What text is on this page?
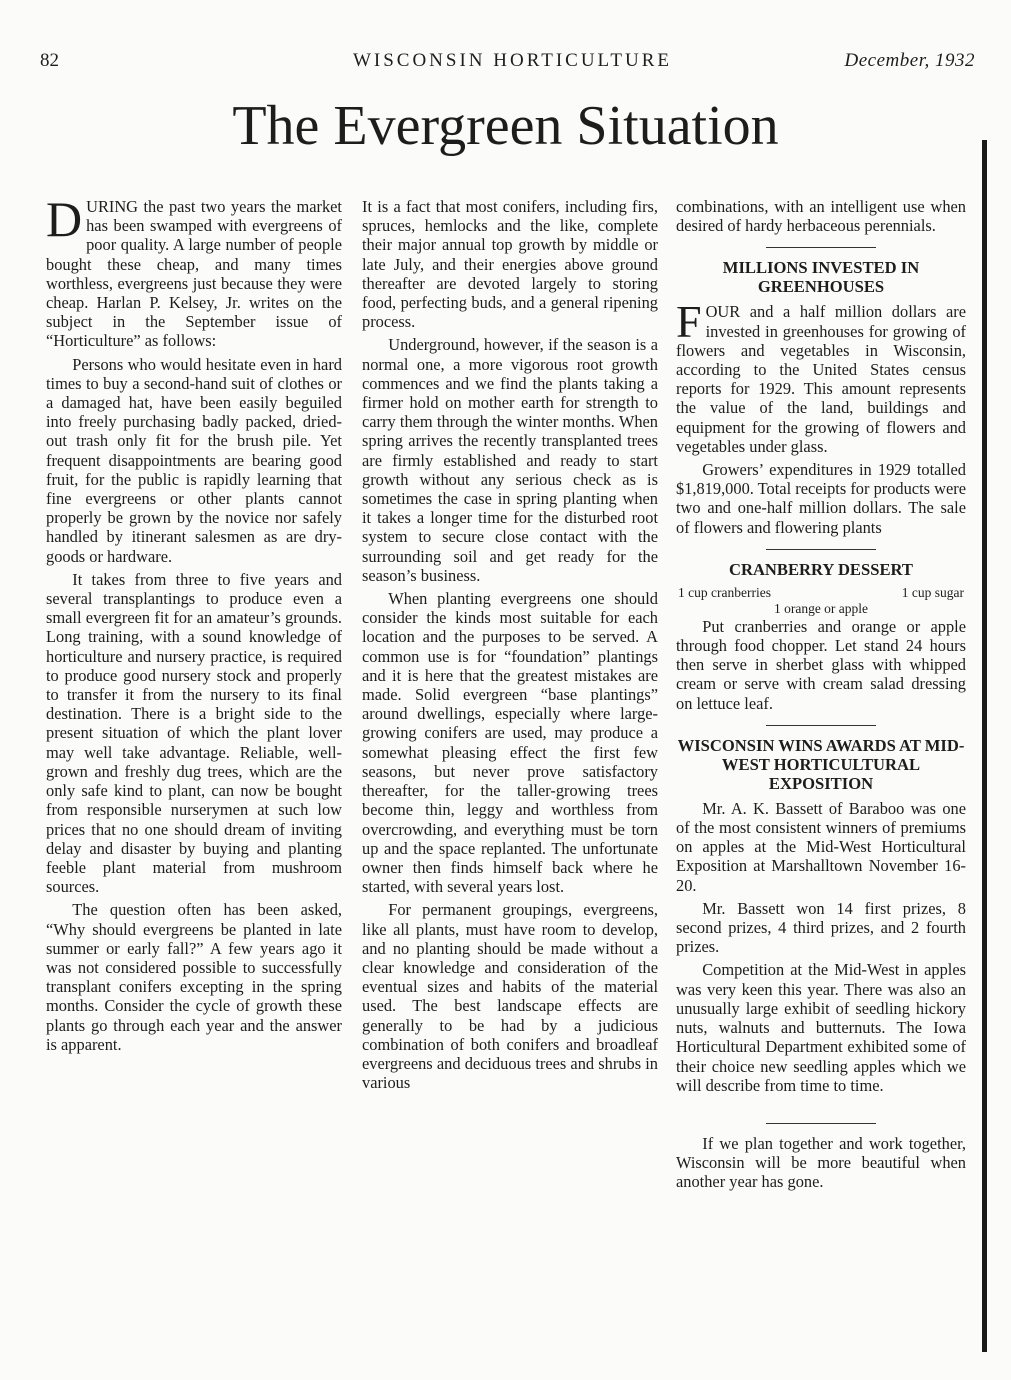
82	WISCONSIN HORTICULTURE	December, 1932
The Evergreen Situation

DURING the past two years the market has been swamped with evergreens of poor quality. A large number of people bought these cheap, and many times worthless, evergreens just because they were cheap. Harlan P. Kelsey, Jr. writes on the subject in the September issue of “Horticulture” as follows:

Persons who would hesitate even in hard times to buy a second-hand suit of clothes or a damaged hat, have been easily beguiled into freely purchasing badly packed, dried-out trash only fit for the brush pile. Yet frequent disappointments are bearing good fruit, for the public is rapidly learning that fine evergreens or other plants cannot properly be grown by the novice nor safely handled by itinerant salesmen as are dry-goods or hardware.

It takes from three to five years and several transplantings to produce even a small evergreen fit for an amateur’s grounds. Long training, with a sound knowledge of horticulture and nursery practice, is required to produce good nursery stock and properly to transfer it from the nursery to its final destination. There is a bright side to the present situation of which the plant lover may well take advantage. Reliable, well-grown and freshly dug trees, which are the only safe kind to plant, can now be bought from responsible nurserymen at such low prices that no one should dream of inviting delay and disaster by buying and planting feeble plant material from mushroom sources.

The question often has been asked, “Why should evergreens be planted in late summer or early fall?” A few years ago it was not considered possible to successfully transplant conifers excepting in the spring months. Consider the cycle of growth these plants go through each year and the answer is apparent.

It is a fact that most conifers, including firs, spruces, hemlocks and the like, complete their major annual top growth by middle or late July, and their energies above ground thereafter are devoted largely to storing food, perfecting buds, and a general ripening process.

Underground, however, if the season is a normal one, a more vigorous root growth commences and we find the plants taking a firmer hold on mother earth for strength to carry them through the winter months. When spring arrives the recently transplanted trees are firmly established and ready to start growth without any serious check as is sometimes the case in spring planting when it takes a longer time for the disturbed root system to secure close contact with the surrounding soil and get ready for the season’s business.

When planting evergreens one should consider the kinds most suitable for each location and the purposes to be served. A common use is for “foundation” plantings and it is here that the greatest mistakes are made. Solid evergreen “base plantings” around dwellings, especially where large-growing conifers are used, may produce a somewhat pleasing effect the first few seasons, but never prove satisfactory thereafter, for the taller-growing trees become thin, leggy and worthless from overcrowding, and everything must be torn up and the space replanted. The unfortunate owner then finds himself back where he started, with several years lost.

For permanent groupings, evergreens, like all plants, must have room to develop, and no planting should be made without a clear knowledge and consideration of the eventual sizes and habits of the material used. The best landscape effects are generally to be had by a judicious combination of both conifers and broadleaf evergreens and deciduous trees and shrubs in various

combinations, with an intelligent use when desired of hardy herbaceous perennials.

MILLIONS INVESTED IN GREENHOUSES

FOUR and a half million dollars are invested in greenhouses for growing of flowers and vegetables in Wisconsin, according to the United States census reports for 1929. This amount represents the value of the land, buildings and equipment for the growing of flowers and vegetables under glass.

Growers’ expenditures in 1929 totalled $1,819,000. Total receipts for products were two and one-half million dollars. The sale of flowers and flowering plants

CRANBERRY DESSERT
1 cup cranberries	1 cup sugar
1 orange or apple

Put cranberries and orange or apple through food chopper. Let stand 24 hours then serve in sherbet glass with whipped cream or serve with cream salad dressing on lettuce leaf.

WISCONSIN WINS AWARDS AT MID-WEST HORTICULTURAL EXPOSITION

Mr. A. K. Bassett of Baraboo was one of the most consistent winners of premiums on apples at the Mid-West Horticultural Exposition at Marshalltown November 16-20.

Mr. Bassett won 14 first prizes, 8 second prizes, 4 third prizes, and 2 fourth prizes.

Competition at the Mid-West in apples was very keen this year. There was also an unusually large exhibit of seedling hickory nuts, walnuts and butternuts. The Iowa Horticultural Department exhibited some of their choice new seedling apples which we will describe from time to time.

If we plan together and work together, Wisconsin will be more beautiful when another year has gone.
